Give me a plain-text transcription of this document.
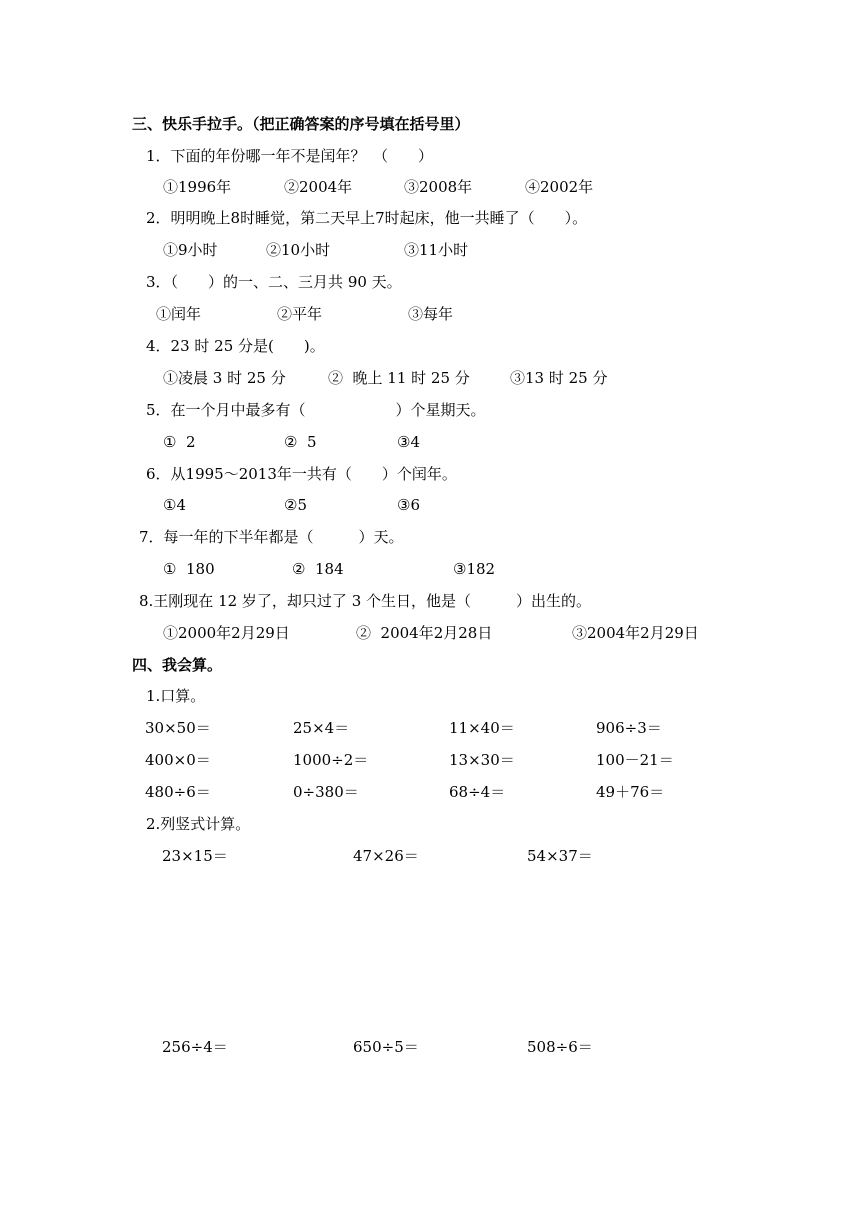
三、快乐手拉手。（把正确答案的序号填在括号里）
1．下面的年份哪一年不是闰年？　（　　）
①1996年	②2004年	③2008年	④2002年
2．明明晚上8时睡觉，第二天早上7时起床，他一共睡了（　　）。
①9小时	②10小时	③11小时
3．（　　）的一、二、三月共 90 天。
①闰年	②平年	③每年
4．23 时 25 分是(　　)。
①凌晨 3 时 25 分	②  晚上 11 时 25 分	③13 时 25 分
5．在一个月中最多有（　　　　　　）个星期天。
①  2	②  5	③4
6．从1995～2013年一共有（　　）个闰年。
①4	②5	③6
7．每一年的下半年都是（　　　）天。
①  180	②  184	③182
8.王刚现在 12 岁了，却只过了 3 个生日，他是（　　　）出生的。
①2000年2月29日	②  2004年2月28日	③2004年2月29日
四、我会算。
1.口算。
30×50＝	25×4＝	11×40＝	906÷3＝
400×0＝	1000÷2＝	13×30＝	100－21＝
480÷6＝	0÷380＝	68÷4＝	49＋76＝
2.列竖式计算。
23×15＝	47×26＝	54×37＝
256÷4＝	650÷5＝	508÷6＝
